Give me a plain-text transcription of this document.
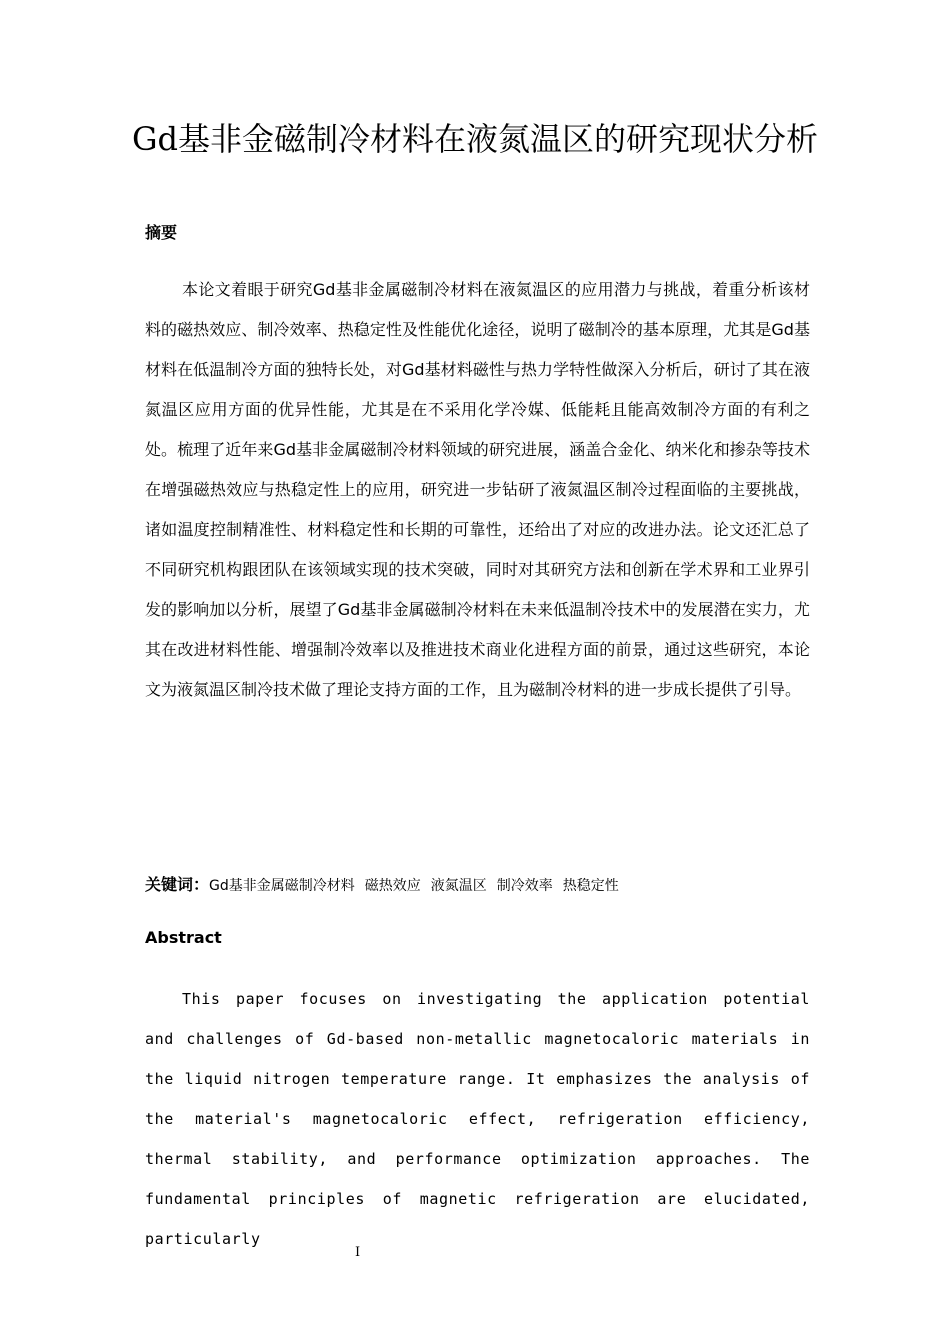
Gd基非金磁制冷材料在液氮温区的研究现状分析
摘要

本论文着眼于研究Gd基非金属磁制冷材料在液氮温区的应用潜力与挑战，着重分析该材料的磁热效应、制冷效率、热稳定性及性能优化途径，说明了磁制冷的基本原理，尤其是Gd基材料在低温制冷方面的独特长处，对Gd基材料磁性与热力学特性做深入分析后，研讨了其在液氮温区应用方面的优异性能，尤其是在不采用化学冷媒、低能耗且能高效制冷方面的有利之处。梳理了近年来Gd基非金属磁制冷材料领域的研究进展，涵盖合金化、纳米化和掺杂等技术在增强磁热效应与热稳定性上的应用，研究进一步钻研了液氮温区制冷过程面临的主要挑战，诸如温度控制精准性、材料稳定性和长期的可靠性，还给出了对应的改进办法。论文还汇总了不同研究机构跟团队在该领域实现的技术突破，同时对其研究方法和创新在学术界和工业界引发的影响加以分析，展望了Gd基非金属磁制冷材料在未来低温制冷技术中的发展潜在实力，尤其在改进材料性能、增强制冷效率以及推进技术商业化进程方面的前景，通过这些研究，本论文为液氮温区制冷技术做了理论支持方面的工作，且为磁制冷材料的进一步成长提供了引导。

关键词：Gd基非金属磁制冷材料 磁热效应 液氮温区 制冷效率 热稳定性
Abstract

This paper focuses on investigating the application potential and challenges of Gd-based non-metallic magnetocaloric materials in the liquid nitrogen temperature range. It emphasizes the analysis of the material's magnetocaloric effect, refrigeration efficiency, thermal stability, and performance optimization approaches. The fundamental principles of magnetic refrigeration are elucidated, particularly

I
